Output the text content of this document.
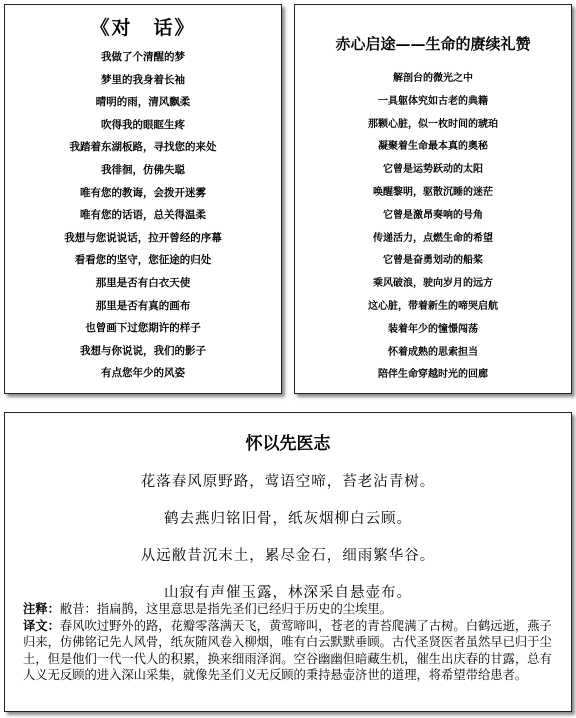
《对　话》
我做了个清醒的梦
梦里的我身着长袖
晴明的雨，清风飘柔
吹得我的眼眶生疼
我踏着东湖板路，寻找您的来处
我徘徊，仿佛失聪
唯有您的教诲，会拨开迷雾
唯有您的话语，总关得温柔
我想与您说说话，拉开曾经的序幕
看看您的坚守，您征途的归处
那里是否有白衣天使
那里是否有真的画布
也曾画下过您期许的样子
我想与你说说，我们的影子
有点您年少的风姿
赤心启途——生命的赓续礼赞
解剖台的微光之中
一具躯体究如古老的典籍
那颗心脏，似一枚时间的琥珀
凝聚着生命最本真的奥秘
它曾是运势跃动的太阳
唤醒黎明，驱散沉睡的迷茫
它曾是激昂奏响的号角
传递活力，点燃生命的希望
它曾是奋勇划动的船桨
乘风破浪，驶向岁月的远方
这心脏，带着新生的啼哭启航
装着年少的憧憬闯荡
怀着成熟的思索担当
陪伴生命穿越时光的回廊
怀以先医志
花落春风原野路，莺语空啼，苔老沾青树。
鹤去燕归铭旧骨，纸灰烟柳白云顾。
从远敝昔沉末土，累尽金石，细雨繁华谷。
山寂有声催玉露，林深采自悬壶布。

注释：敝昔：指扁鹊，这里意思是指先圣们已经归于历史的尘埃里。

译文：春风吹过野外的路，花瓣零落满天飞，黄莺啼叫，苍老的青苔爬满了古树。白鹤远逝，燕子归来，仿佛铭记先人风骨，纸灰随风卷入柳烟，唯有白云默默垂顾。古代圣贤医者虽然早已归于尘土，但是他们一代一代人的积累，换来细雨泽润。空谷幽幽但暗藏生机，催生出庆春的甘露，总有人义无反顾的进入深山采集，就像先圣们义无反顾的秉持悬壶济世的道理，将希望带给患者。
